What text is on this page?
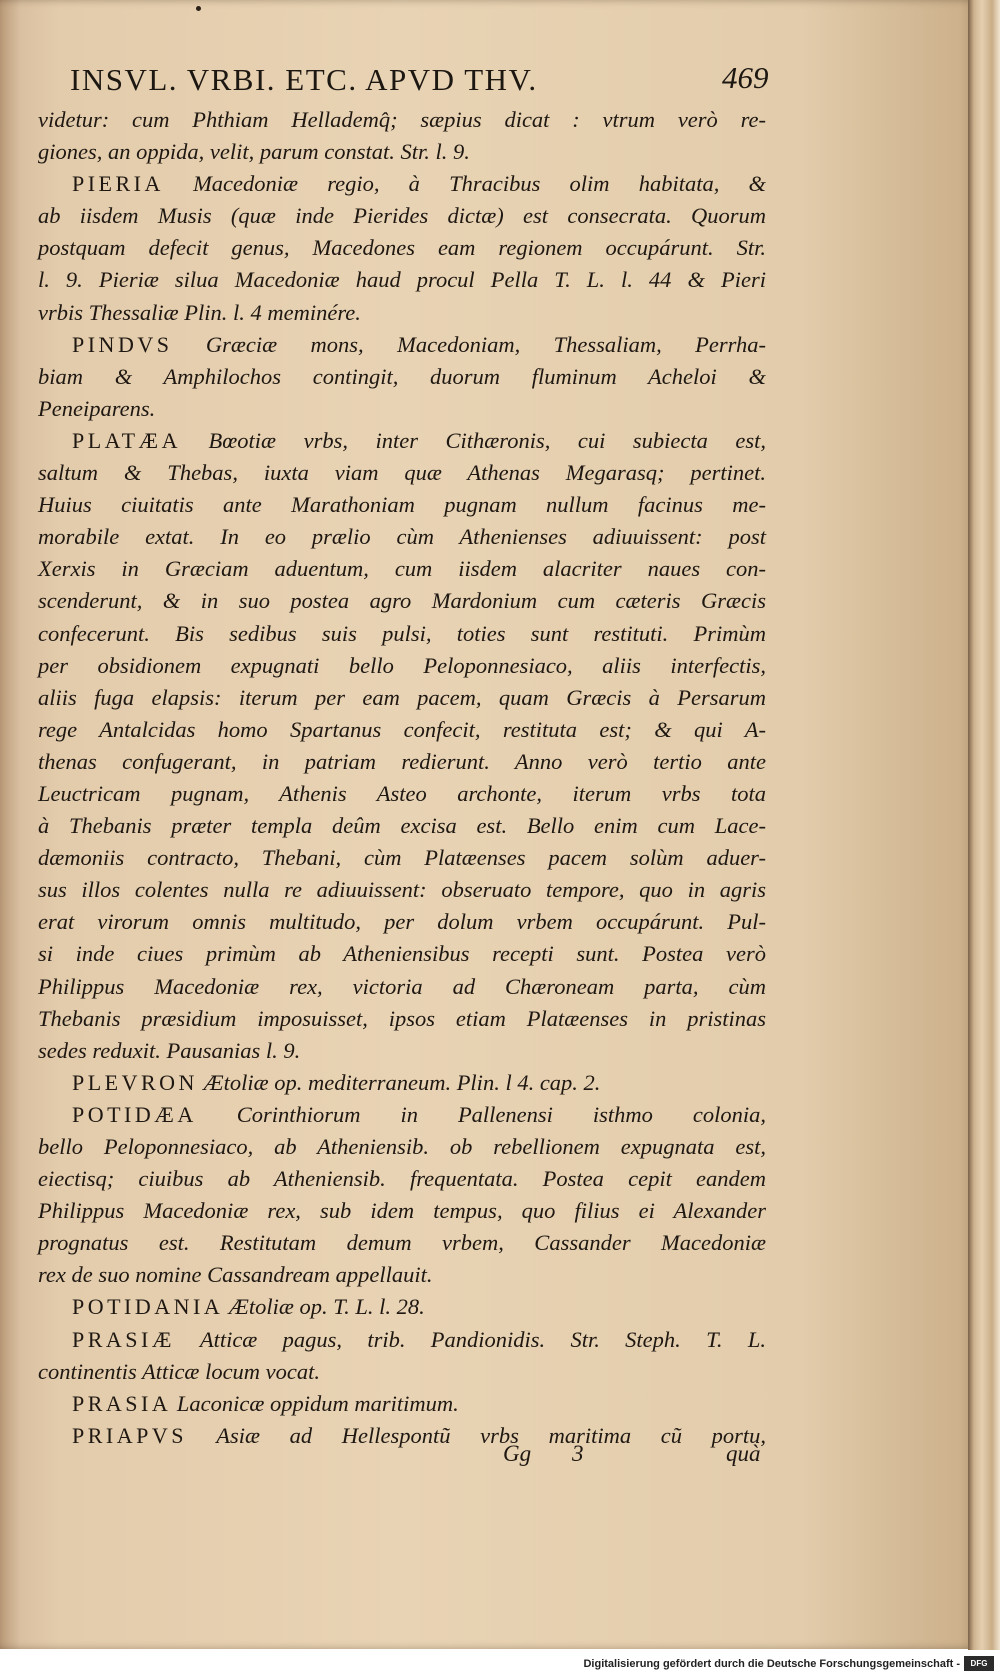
INSVL. VRBI. ETC. APVD THV.	469
videtur: cum Phthiam Hellademq̂; sæpius dicat : vtrum verò re-
giones, an oppida, velit, parum constat. Str. l. 9.
PIERIA Macedoniæ regio, à Thracibus olim habitata, &
ab iisdem Musis (quæ inde Pierides dictæ) est consecrata. Quorum
postquam defecit genus, Macedones eam regionem occupárunt. Str.
l. 9. Pieriæ silua Macedoniæ haud procul Pella T. L. l. 44 & Pieri
vrbis Thessaliæ Plin. l. 4 meminére.
PINDVS Græciæ mons, Macedoniam, Thessaliam, Perrha-
biam & Amphilochos contingit, duorum fluminum Acheloi &
Peneiparens.
PLATÆA Bœotiæ vrbs, inter Cithæronis, cui subiecta est,
saltum & Thebas, iuxta viam quæ Athenas Megarasq; pertinet.
Huius ciuitatis ante Marathoniam pugnam nullum facinus me-
morabile extat. In eo prælio cùm Athenienses adiuuissent: post
Xerxis in Græciam aduentum, cum iisdem alacriter naues con-
scenderunt, & in suo postea agro Mardonium cum cæteris Græcis
confecerunt. Bis sedibus suis pulsi, toties sunt restituti. Primùm
per obsidionem expugnati bello Peloponnesiaco, aliis interfectis,
aliis fuga elapsis: iterum per eam pacem, quam Græcis à Persarum
rege Antalcidas homo Spartanus confecit, restituta est; & qui A-
thenas confugerant, in patriam redierunt. Anno verò tertio ante
Leuctricam pugnam, Athenis Asteo archonte, iterum vrbs tota
à Thebanis præter templa deûm excisa est. Bello enim cum Lace-
dæmoniis contracto, Thebani, cùm Platæenses pacem solùm aduer-
sus illos colentes nulla re adiuuissent: obseruato tempore, quo in agris
erat virorum omnis multitudo, per dolum vrbem occupárunt. Pul-
si inde ciues primùm ab Atheniensibus recepti sunt. Postea verò
Philippus Macedoniæ rex, victoria ad Chæroneam parta, cùm
Thebanis præsidium imposuisset, ipsos etiam Platæenses in pristinas
sedes reduxit. Pausanias l. 9.
PLEVRON Ætoliæ op. mediterraneum. Plin. l 4. cap. 2.
POTIDÆA Corinthiorum in Pallenensi isthmo colonia,
bello Peloponnesiaco, ab Atheniensib. ob rebellionem expugnata est,
eiectisq; ciuibus ab Atheniensib. frequentata. Postea cepit eandem
Philippus Macedoniæ rex, sub idem tempus, quo filius ei Alexander
prognatus est. Restitutam demum vrbem, Cassander Macedoniæ
rex de suo nomine Cassandream appellauit.
POTIDANIA Ætoliæ op. T. L. l. 28.
PRASIÆ Atticæ pagus, trib. Pandionidis. Str. Steph. T. L.
continentis Atticæ locum vocat.
PRASIA Laconicæ oppidum maritimum.
PRIAPVS Asiæ ad Hellespontũ vrbs maritima cũ portu,
Gg 3	quà
Digitalisierung gefördert durch die Deutsche Forschungsgemeinschaft -	DFG
